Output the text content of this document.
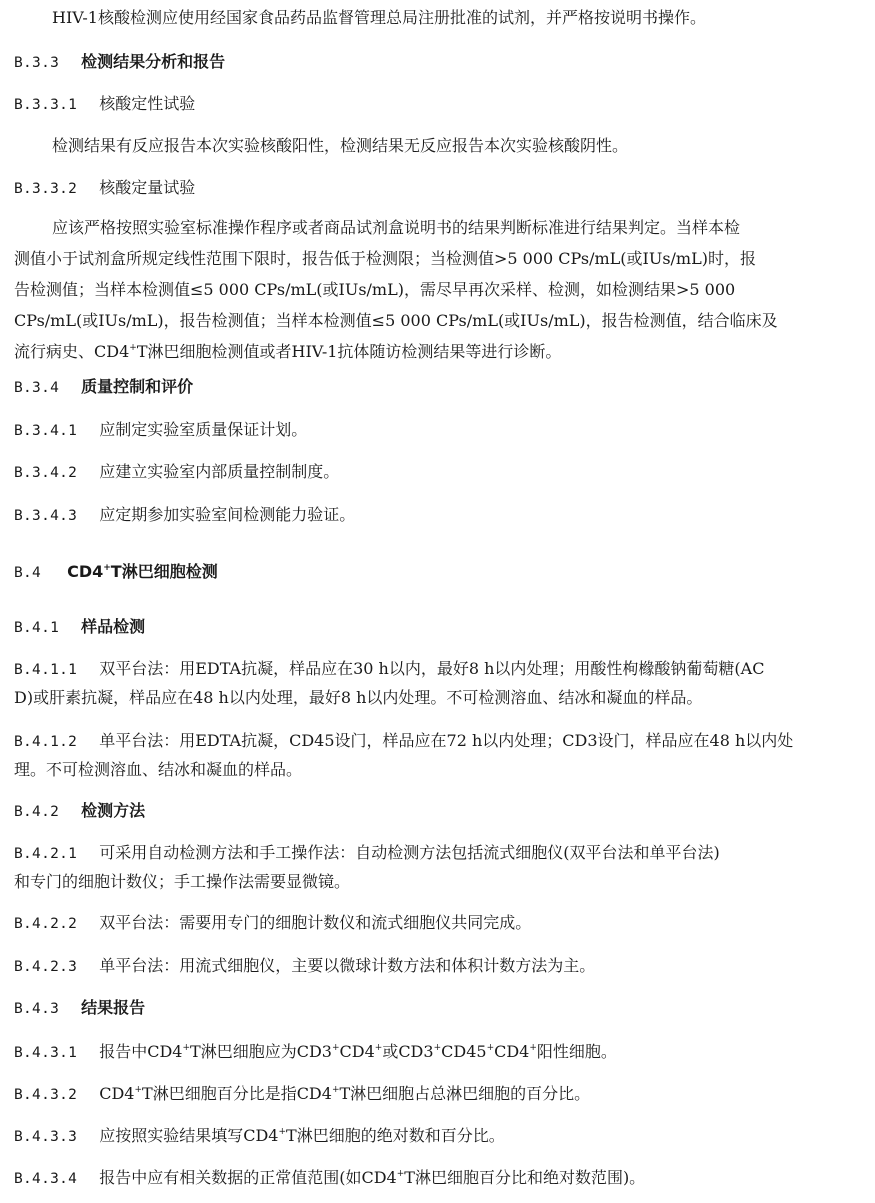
HIV-1核酸检测应使用经国家食品药品监督管理总局注册批准的试剂，并严格按说明书操作。
B.3.3 检测结果分析和报告
B.3.3.1 核酸定性试验
检测结果有反应报告本次实验核酸阳性，检测结果无反应报告本次实验核酸阴性。
B.3.3.2 核酸定量试验
应该严格按照实验室标准操作程序或者商品试剂盒说明书的结果判断标准进行结果判定。当样本检
测值小于试剂盒所规定线性范围下限时，报告低于检测限；当检测值>5 000 CPs/mL(或IUs/mL)时，报
告检测值；当样本检测值≤5 000 CPs/mL(或IUs/mL)，需尽早再次采样、检测，如检测结果>5 000
CPs/mL(或IUs/mL)，报告检测值；当样本检测值≤5 000 CPs/mL(或IUs/mL)，报告检测值，结合临床及
流行病史、CD4+T淋巴细胞检测值或者HIV-1抗体随访检测结果等进行诊断。
B.3.4 质量控制和评价
B.3.4.1 应制定实验室质量保证计划。
B.3.4.2 应建立实验室内部质量控制制度。
B.3.4.3 应定期参加实验室间检测能力验证。
B.4 CD4+T淋巴细胞检测
B.4.1 样品检测
B.4.1.1 双平台法：用EDTA抗凝，样品应在30 h以内，最好8 h以内处理；用酸性枸橼酸钠葡萄糖(AC
D)或肝素抗凝，样品应在48 h以内处理，最好8 h以内处理。不可检测溶血、结冰和凝血的样品。
B.4.1.2 单平台法：用EDTA抗凝，CD45设门，样品应在72 h以内处理；CD3设门，样品应在48 h以内处
理。不可检测溶血、结冰和凝血的样品。
B.4.2 检测方法
B.4.2.1 可采用自动检测方法和手工操作法：自动检测方法包括流式细胞仪(双平台法和单平台法)
和专门的细胞计数仪；手工操作法需要显微镜。
B.4.2.2 双平台法：需要用专门的细胞计数仪和流式细胞仪共同完成。
B.4.2.3 单平台法：用流式细胞仪，主要以微球计数方法和体积计数方法为主。
B.4.3 结果报告
B.4.3.1 报告中CD4+T淋巴细胞应为CD3+CD4+或CD3+CD45+CD4+阳性细胞。
B.4.3.2 CD4+T淋巴细胞百分比是指CD4+T淋巴细胞占总淋巴细胞的百分比。
B.4.3.3 应按照实验结果填写CD4+T淋巴细胞的绝对数和百分比。
B.4.3.4 报告中应有相关数据的正常值范围(如CD4+T淋巴细胞百分比和绝对数范围)。
